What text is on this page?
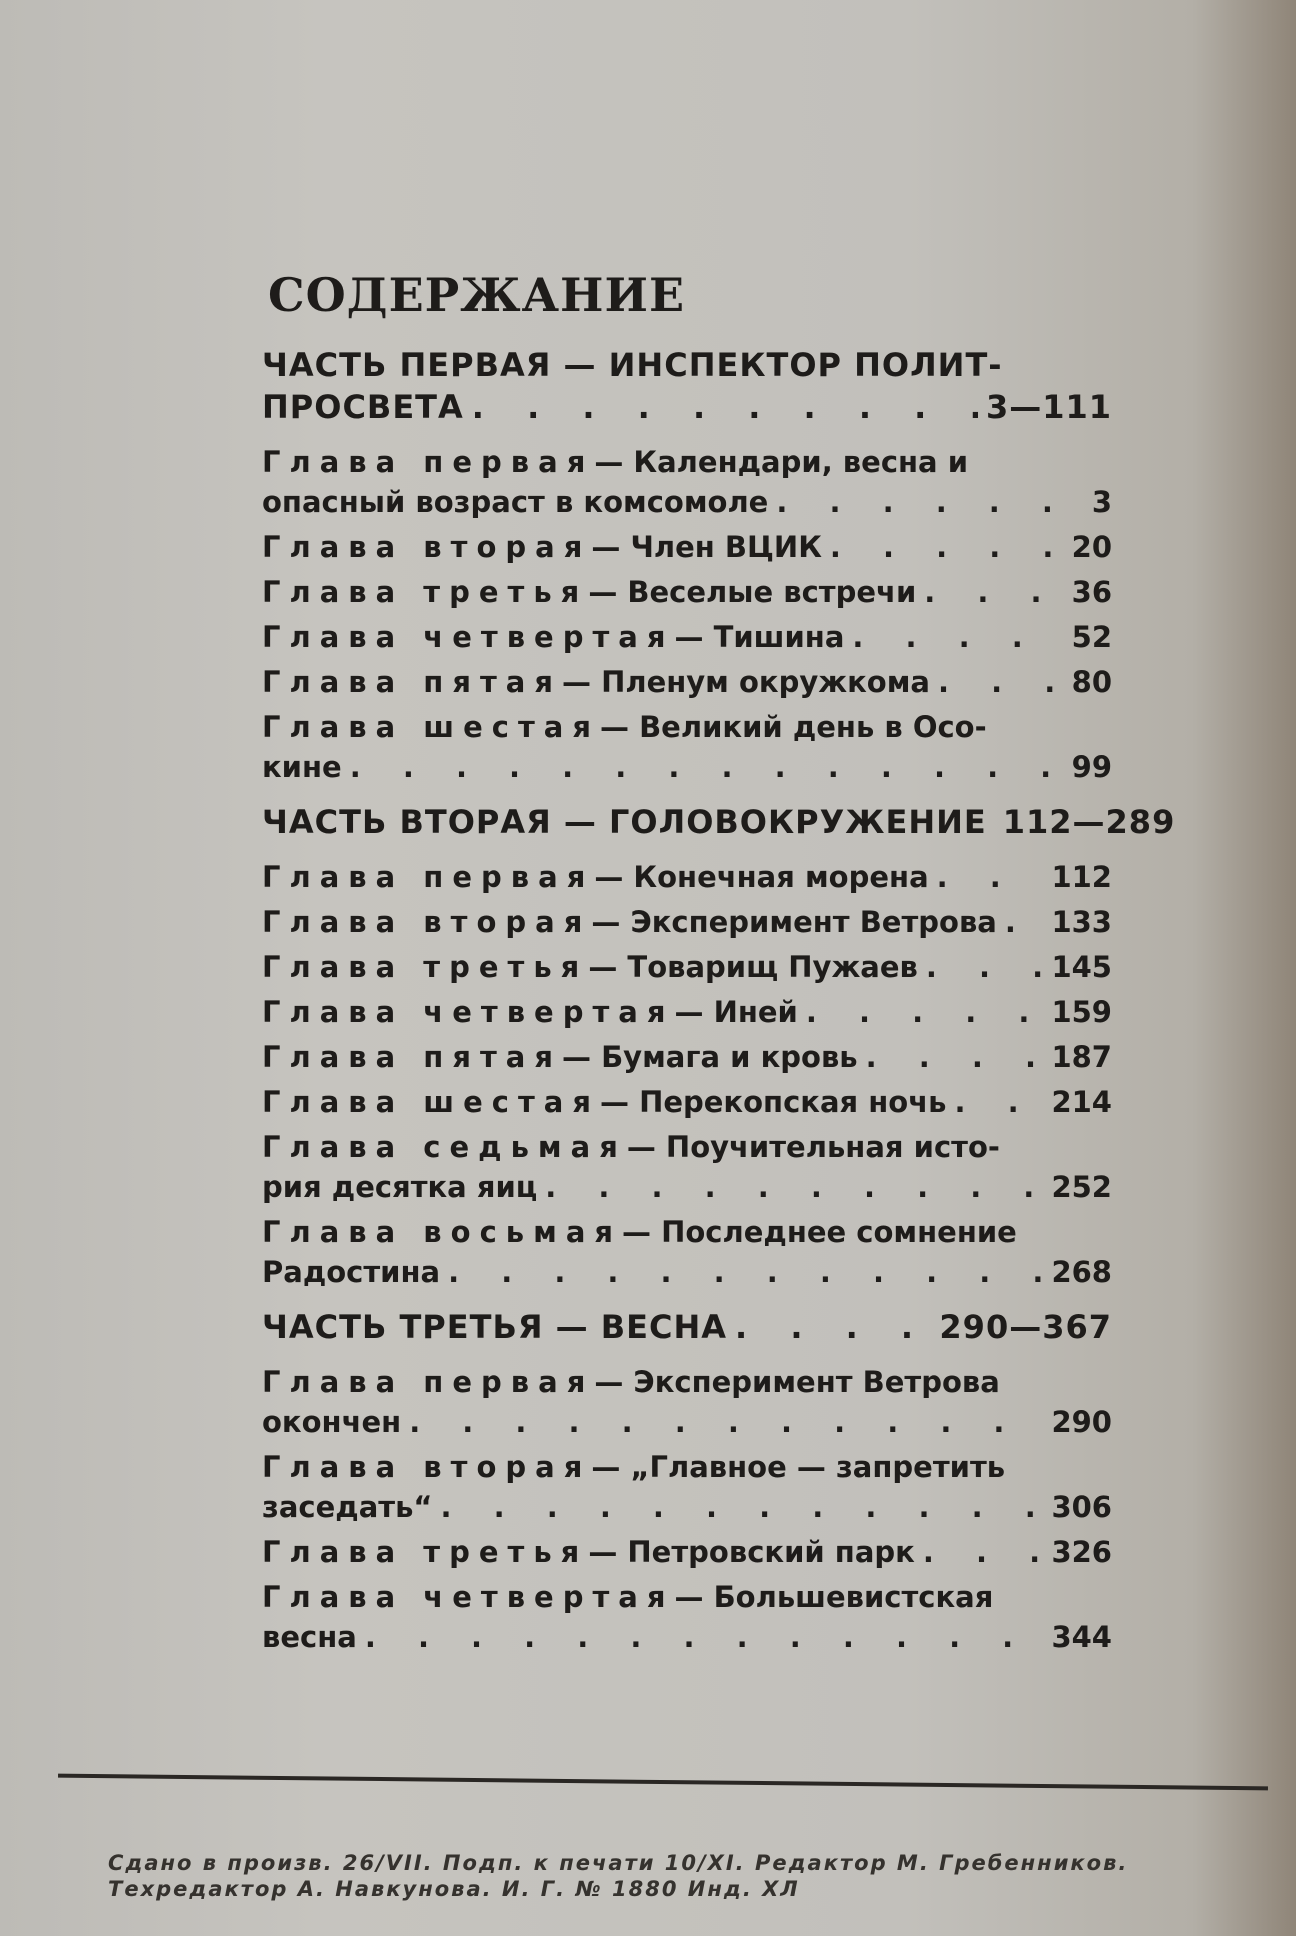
СОДЕРЖАНИЕ
ЧАСТЬ ПЕРВАЯ — ИНСПЕКТОР ПОЛИТ-
ПРОСВЕТА . . .	3—111
Глава первая— Календари, весна и
опасный возраст в комсомоле . . .	3
Глава вторая— Член ВЦИК . . .	20
Глава третья— Веселые встречи . . .	36
Глава четвертая— Тишина . . .	52
Глава пятая— Пленум окружкома . . .	80
Глава шестая— Великий день в Осо-
кине . . .	99
ЧАСТЬ ВТОРАЯ — ГОЛОВОКРУЖЕНИЕ 112—289
Глава первая— Конечная морена . . .	112
Глава вторая— Эксперимент Ветрова . . . 133
Глава третья— Товарищ Пужаев . . .	145
Глава четвертая— Иней . . .	159
Глава пятая— Бумага и кровь . . .	187
Глава шестая— Перекопская ночь . . .	214
Глава седьмая— Поучительная исто-
рия десятка яиц . . .	252
Глава восьмая— Последнее сомнение
Радостина . . .	268
ЧАСТЬ ТРЕТЬЯ — ВЕСНА . . .	290—367
Глава первая— Эксперимент Ветрова
окончен . . .	290
Глава вторая— „Главное — запретить
заседать“ . . .	306
Глава третья— Петровский парк . . .	326
Глава четвертая— Большевистская
весна . . .	344
Сдано в произв. 26/VII. Подп. к печати 10/XI. Редактор М. Гребенников.
Техредактор А. Навкунова. И. Г. № 1880 Инд. ХЛ
